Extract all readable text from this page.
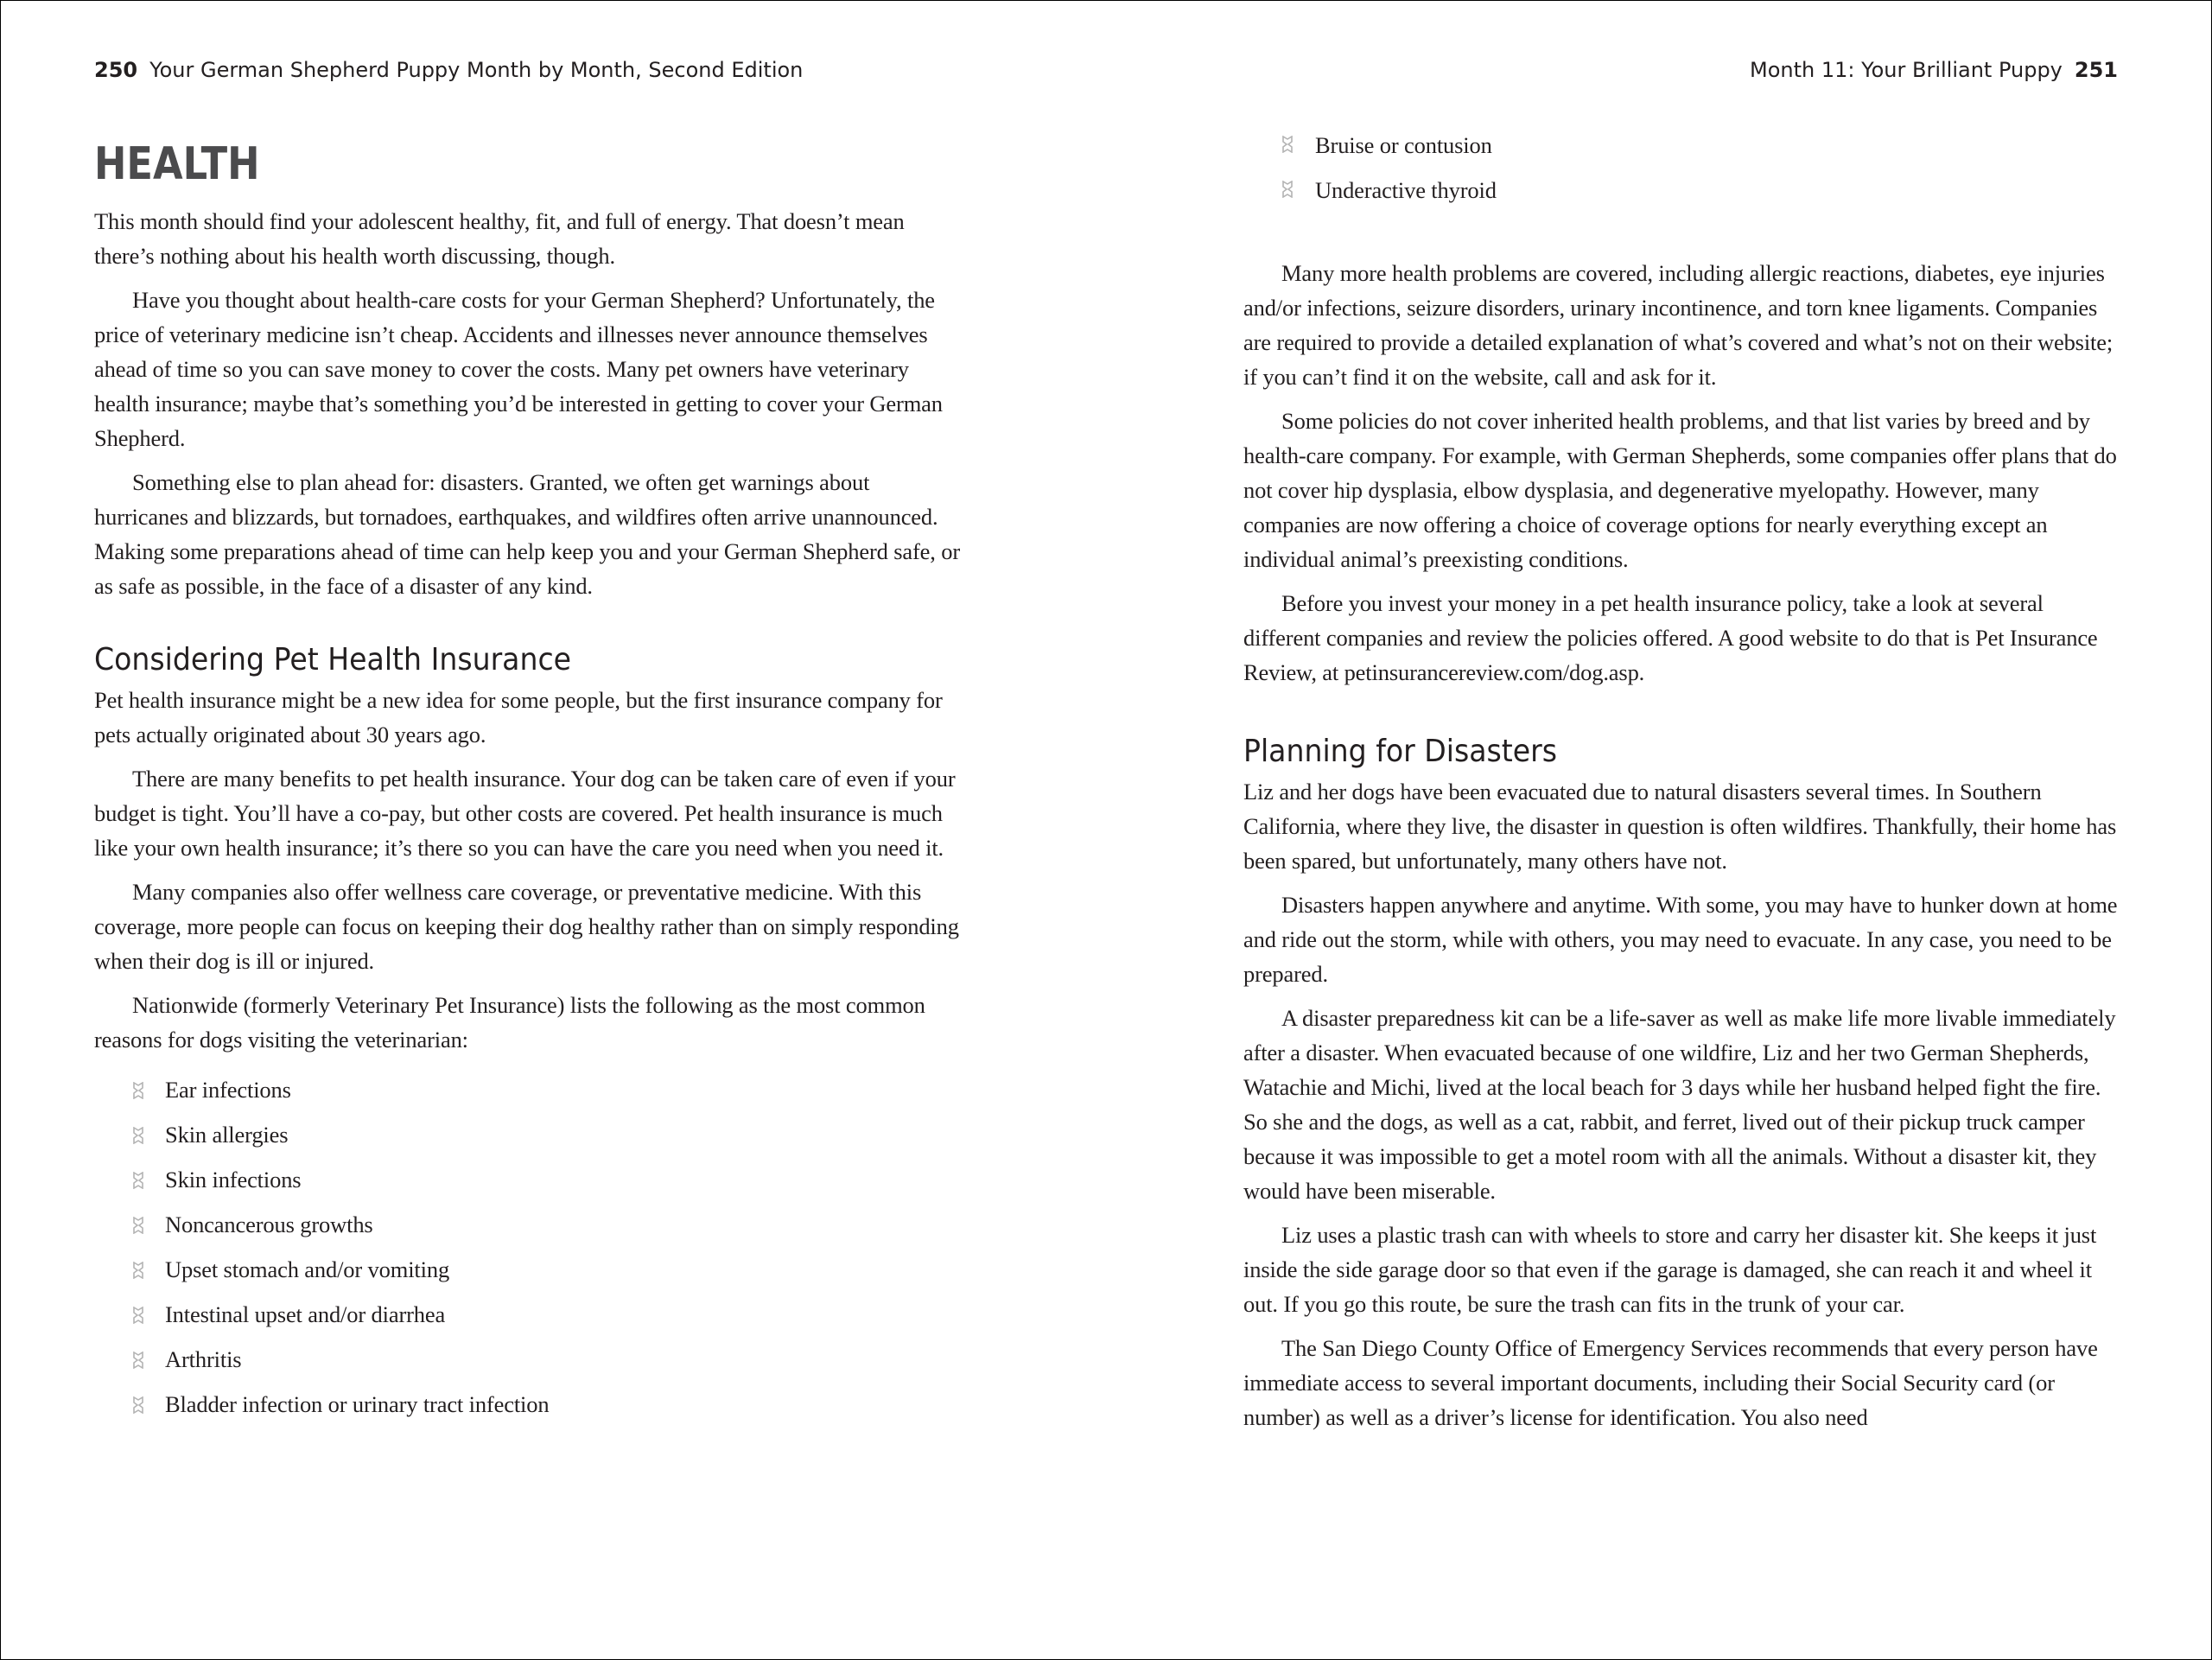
250 Your German Shepherd Puppy Month by Month, Second Edition
HEALTH

This month should find your adolescent healthy, fit, and full of energy. That doesn’t mean there’s nothing about his health worth discussing, though.

Have you thought about health-care costs for your German Shepherd? Unfortunately, the price of veterinary medicine isn’t cheap. Accidents and illnesses never announce themselves ahead of time so you can save money to cover the costs. Many pet owners have veterinary health insurance; maybe that’s something you’d be interested in getting to cover your German Shepherd.

Something else to plan ahead for: disasters. Granted, we often get warnings about hurricanes and blizzards, but tornadoes, earthquakes, and wildfires often arrive unannounced. Making some preparations ahead of time can help keep you and your German Shepherd safe, or as safe as possible, in the face of a disaster of any kind.

Considering Pet Health Insurance

Pet health insurance might be a new idea for some people, but the first insurance company for pets actually originated about 30 years ago.

There are many benefits to pet health insurance. Your dog can be taken care of even if your budget is tight. You’ll have a co-pay, but other costs are covered. Pet health insurance is much like your own health insurance; it’s there so you can have the care you need when you need it.

Many companies also offer wellness care coverage, or preventative medicine. With this coverage, more people can focus on keeping their dog healthy rather than on simply responding when their dog is ill or injured.

Nationwide (formerly Veterinary Pet Insurance) lists the following as the most common reasons for dogs visiting the veterinarian:

Ear infections
Skin allergies
Skin infections
Noncancerous growths
Upset stomach and/or vomiting
Intestinal upset and/or diarrhea
Arthritis
Bladder infection or urinary tract infection
Month 11: Your Brilliant Puppy 251
Bruise or contusion
Underactive thyroid

Many more health problems are covered, including allergic reactions, diabetes, eye injuries and/or infections, seizure disorders, urinary incontinence, and torn knee ligaments. Companies are required to provide a detailed explanation of what’s covered and what’s not on their website; if you can’t find it on the website, call and ask for it.

Some policies do not cover inherited health problems, and that list varies by breed and by health-care company. For example, with German Shepherds, some companies offer plans that do not cover hip dysplasia, elbow dysplasia, and degenerative myelopathy. However, many companies are now offering a choice of coverage options for nearly everything except an individual animal’s preexisting conditions.

Before you invest your money in a pet health insurance policy, take a look at several different companies and review the policies offered. A good website to do that is Pet Insurance Review, at petinsurancereview.com/dog.asp.

Planning for Disasters

Liz and her dogs have been evacuated due to natural disasters several times. In Southern California, where they live, the disaster in question is often wildfires. Thankfully, their home has been spared, but unfortunately, many others have not.

Disasters happen anywhere and anytime. With some, you may have to hunker down at home and ride out the storm, while with others, you may need to evacuate. In any case, you need to be prepared.

A disaster preparedness kit can be a life-saver as well as make life more livable immediately after a disaster. When evacuated because of one wildfire, Liz and her two German Shepherds, Watachie and Michi, lived at the local beach for 3 days while her husband helped fight the fire. So she and the dogs, as well as a cat, rabbit, and ferret, lived out of their pickup truck camper because it was impossible to get a motel room with all the animals. Without a disaster kit, they would have been miserable.

Liz uses a plastic trash can with wheels to store and carry her disaster kit. She keeps it just inside the side garage door so that even if the garage is damaged, she can reach it and wheel it out. If you go this route, be sure the trash can fits in the trunk of your car.

The San Diego County Office of Emergency Services recommends that every person have immediate access to several important documents, including their Social Security card (or number) as well as a driver’s license for identification. You also need
